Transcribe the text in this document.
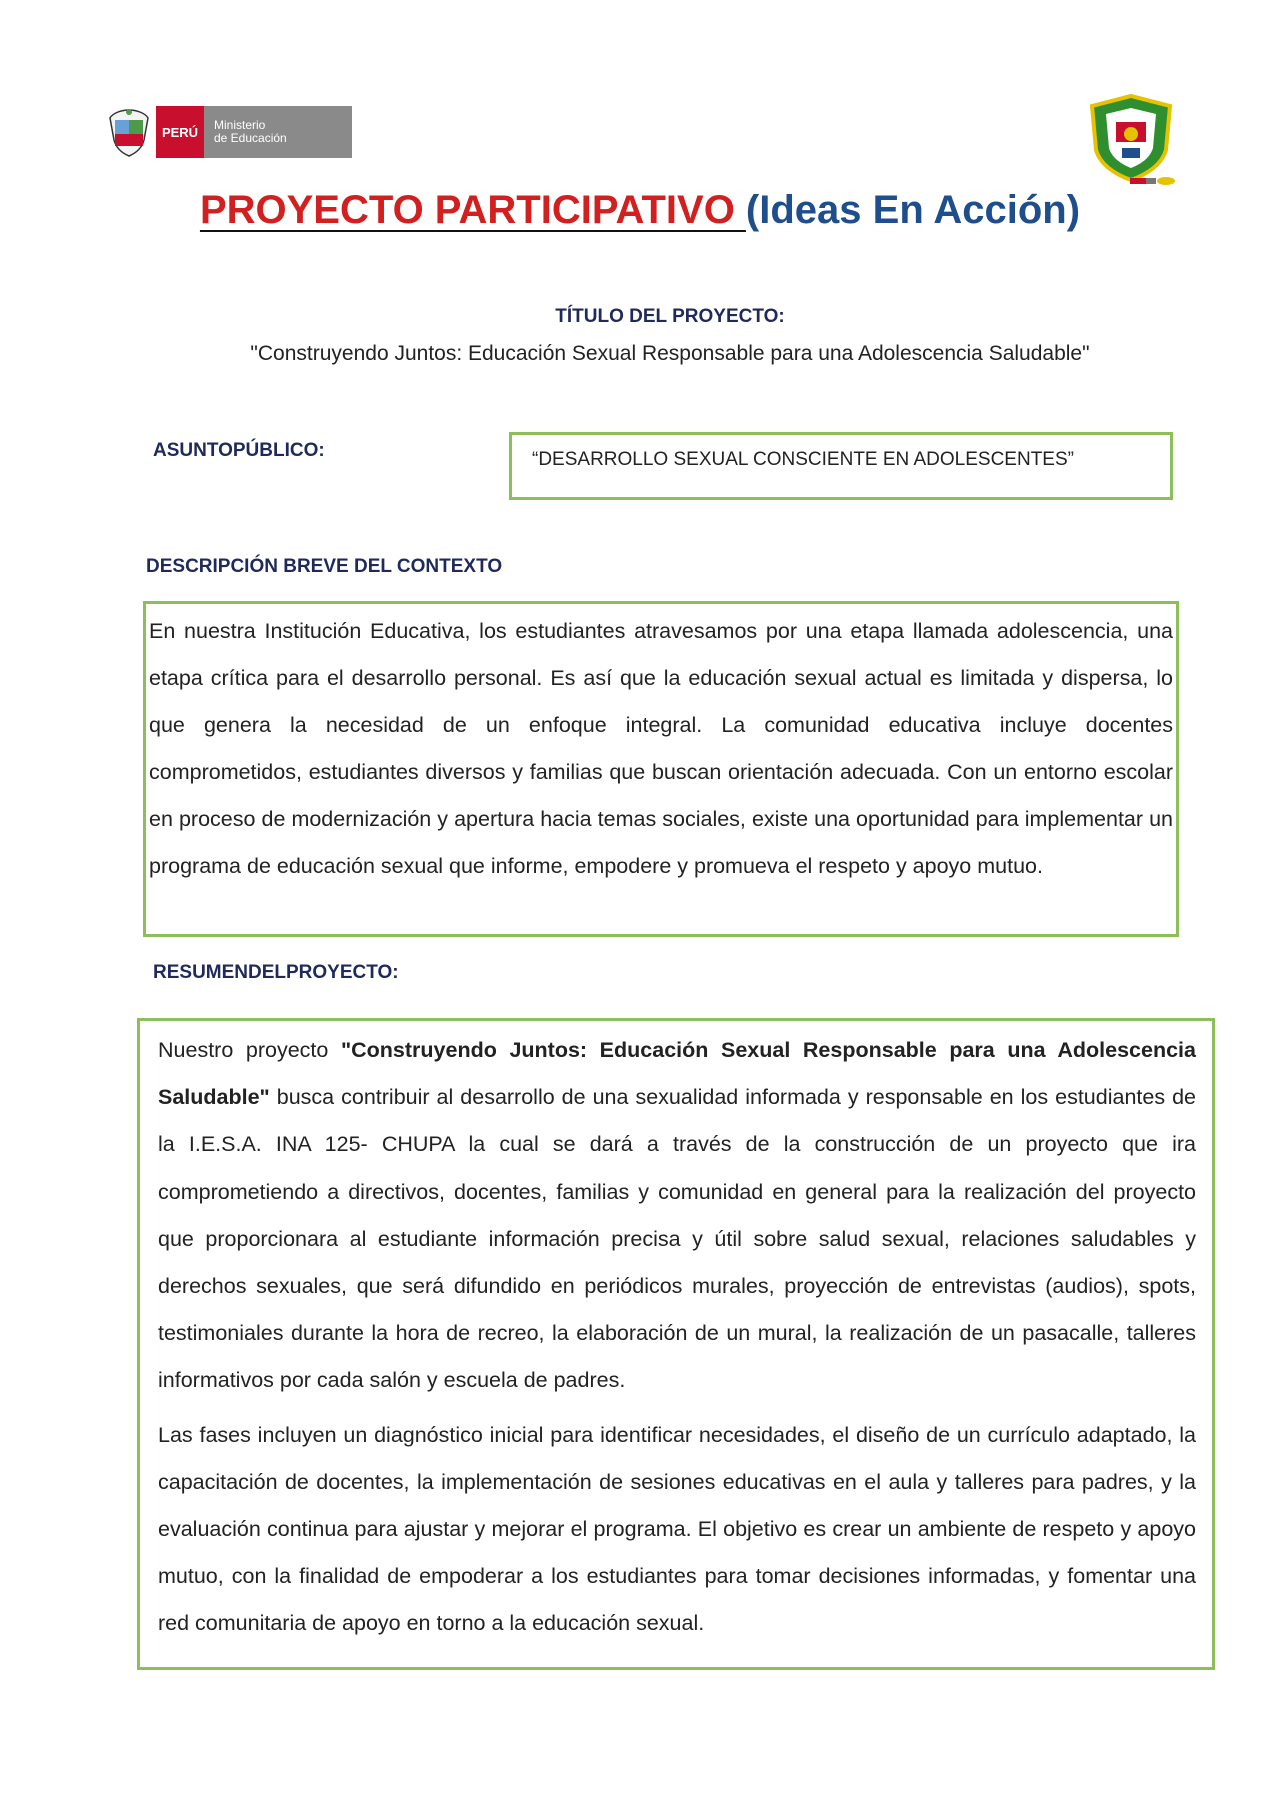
PERÚ	Ministerio
de Educación
PROYECTO PARTICIPATIVO (Ideas En Acción)
TÍTULO DEL PROYECTO:
"Construyendo Juntos: Educación Sexual Responsable para una Adolescencia Saludable"
ASUNTOPÚBLICO:	“DESARROLLO SEXUAL CONSCIENTE EN ADOLESCENTES”
DESCRIPCIÓN BREVE DEL CONTEXTO
En nuestra Institución Educativa, los estudiantes atravesamos por una etapa llamada adolescencia, una etapa crítica para el desarrollo personal. Es así que la educación sexual actual es limitada y dispersa, lo que genera la necesidad de un enfoque integral. La comunidad educativa incluye docentes comprometidos, estudiantes diversos y familias que buscan orientación adecuada. Con un entorno escolar en proceso de modernización y apertura hacia temas sociales, existe una oportunidad para implementar un programa de educación sexual que informe, empodere y promueva el respeto y apoyo mutuo.
RESUMENDELPROYECTO:

Nuestro proyecto "Construyendo Juntos: Educación Sexual Responsable para una Adolescencia Saludable" busca contribuir al desarrollo de una sexualidad informada y responsable en los estudiantes de la I.E.S.A. INA 125- CHUPA la cual se dará a través de la construcción de un proyecto que ira comprometiendo a directivos, docentes, familias y comunidad en general para la realización del proyecto que proporcionara al estudiante información precisa y útil sobre salud sexual, relaciones saludables y derechos sexuales, que será difundido en periódicos murales, proyección de entrevistas (audios), spots, testimoniales durante la hora de recreo, la elaboración de un mural, la realización de un pasacalle, talleres informativos por cada salón y escuela de padres.

Las fases incluyen un diagnóstico inicial para identificar necesidades, el diseño de un currículo adaptado, la capacitación de docentes, la implementación de sesiones educativas en el aula y talleres para padres, y la evaluación continua para ajustar y mejorar el programa. El objetivo es crear un ambiente de respeto y apoyo mutuo, con la finalidad de empoderar a los estudiantes para tomar decisiones informadas, y fomentar una red comunitaria de apoyo en torno a la educación sexual.
